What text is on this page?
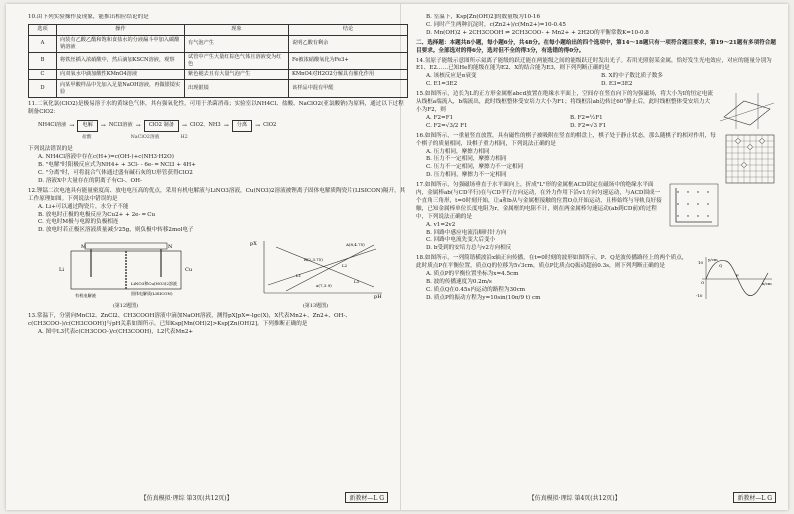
10.由下列实验操作及现象，能推出相应结论的是
选项	操作	现象	结论
A	向装有乙酸乙酯和饱和食盐水的分液漏斗中加入碳酸钠溶液	有气泡产生	说明乙酸有剩余
B	将铁丝插入浓硝酸中，然后滴加KSCN溶液，观察	试管中产生大量红棕色气体且溶液变为红色	Fe被浓硝酸氧化为Fe3+
C	向双氧水中滴加酸性KMnO4溶液	紫色褪去且有大量气泡产生	KMnO4对H2O2分解具有催化作用
D	向某甲酸样品中先加入足量NaOH溶液，再做银镜实验	出现银镜	该样品中混有甲醛
11.二氧化氯(ClO2)是极易溶于水的黄绿色气体，其有强氧化性，可用于杀菌消毒；实验室以NH4Cl、盐酸、NaClO2(亚氯酸钠)为原料，通过以下过程制备ClO2：
NH4Cl溶液 →	电解	→ NCl3溶液 →	ClO2 制备	→ ClO2、NH3 →	分离	→ ClO2
盐酸	NaClO2溶液	H2
下列说法错误的是
A. NH4Cl溶液中存在c(H+)=c(OH-)+c(NH3·H2O)
B. "电解"时阳极反应式为NH4+ + 3Cl- - 6e- ═ NCl3 + 4H+
C. "分离"时，可将混合气体通过盛有碱石灰的U形管获得ClO2
D. 溶液X中大量存在的阴离子有Cl-、OH-
12.锂锰二次电池具有能量密度高、放电电压高的优点，采用有机电解液与LiNO3溶液，Cu(NO3)2溶液被锂离子固体电解质陶瓷片(LISICON)隔开，其工作原理如图。下列说法中错误的是
A. Li+可以通过陶瓷片，水分子不能
B. 放电时正极的电极反应为Cu2+ + 2e- ═ Cu
C. 充电时M极与电源的负极相连
D. 放电时若正极区溶液质量减少25g，则负极中转移2mol电子
M	N
Li	Cu
有机电解液
LiNO3和Cu(NO3)2溶液
固体电解质(LISICON)
(第12题图)
pX
pH
A(8,4.75)
B(2,3.75)
L1
L2
L3
a(7,3.9)
(第13题图)
13.常温下，分别向MnCl2、ZnCl2、CH3COOH溶液中滴加NaOH溶液，测得pX[pX=-lgc(X)，X代表Mn2+、Zn2+、OH-、c(CH3COO-)/c(CH3COOH)]与pH关系如图所示。已知Ksp[Mn(OH)2]>Ksp[Zn(OH)2]。下列推断正确的是
A. 图中L3代表c(CH3COO-)/c(CH3COOH)，L2代表Mn2+
【仿真模拟·理综 第3页(共12页)】	新教材—L G
B. 室温下，Ksp[Zn(OH)2]的数量级为10-16
C. 同时产生两种沉淀时，c(Zn2+)/c(Mn2+)=10-0.45
D. Mn(OH)2 + 2CH3COOH ⇌ 2CH3COO- + Mn2+ + 2H2O的平衡常数K=10-0.8
二、选择题：本题共8小题，每小题6分，共48分。在每小题给出的四个选项中，第14～18题只有一项符合题目要求，第19～21题有多项符合题目要求。全部选对的得6分，选对但不全的得3分，有选错的得0分。
14.氢原子能级示意图所示氦离子能级的跃迁能在两能级之间的能级跃迁时发出光子。若用光照射某金属，恰好发生光电效应，对应的能量分别为E1、E2……已知He的能级在能为E2、X的结合能为E3，则下列判断正确的是
A. 该核反应是α衰变	B. X的中子数比质子数多
C. E1=3E2	D. E3=3E2
15.如图所示，边长为L的正方形金属框abcd放置在绝缘水平面上，空间存在竖直向下的匀强磁场，将大小为I的恒定电流从线框a端流入，b端流出，此时线框整体受安培力大小为F1；将线框沿ab边转过60°静止后，此时线框整体受安培力大小为F2，则
A. F2=F1	B. F2=½F1
C. F2=√3/2 F1	D. F2=√3 F1
16.如图所示，一重量竖直放置，具有磁性的棋子被吸附在竖直的棋盘上，棋子处于静止状态，那么随棋子的相对作用，每个棋子的质量相同，设棋子重力相同，下列说法正确的是
A. 压力相同，摩擦力相同
B. 压力不一定相同，摩擦力相同
C. 压力不一定相同，摩擦力不一定相同
D. 压力相同，摩擦力不一定相同
17.如图所示，匀强磁场垂直于水平面向上，折成"L"形的金属框ACD固定在磁场中的绝缘水平面内，金属棒ab(与CD平行)在与CD平行方向运动，在外力作用下沿v1方向匀速运动，与ACD围成一个直角三角形，t=0时刻开始，让a和b从与金属框接触的位置O点开始运动，且棒始终与导轨良好接触，已知金属棒单位长度电阻为r，金属框的电阻不计，则在两金属棒匀速运动(ab到CD前)的过程中，下列说法正确的是
A. v1=2v2
B. 回路中感应电流沿顺时针方向
C. 回路中电流先变大后变小
D. b受到的安培力总与v2方向相反
y/cm
10
O
P
Q
x/cm
-10
18.如图所示，一列简谐横波沿x轴正向传播，在t=0时刻的波形如图所示，P、Q是波传播路径上的两个质点，此时质点P在平衡位置，质点Q的位移为5√3cm，质点P比质点Q振动超前0.3s，则下列判断正确的是
A. 质点P的平衡位置坐标为x=4.5cm
B. 波的传播速度为0.2m/s
C. 质点Q在0.45s内运动的路程为30cm
D. 质点P的振动方程为y=10sin(10π/9 t) cm
【仿真模拟·理综 第4页(共12页)】	新教材—L G
